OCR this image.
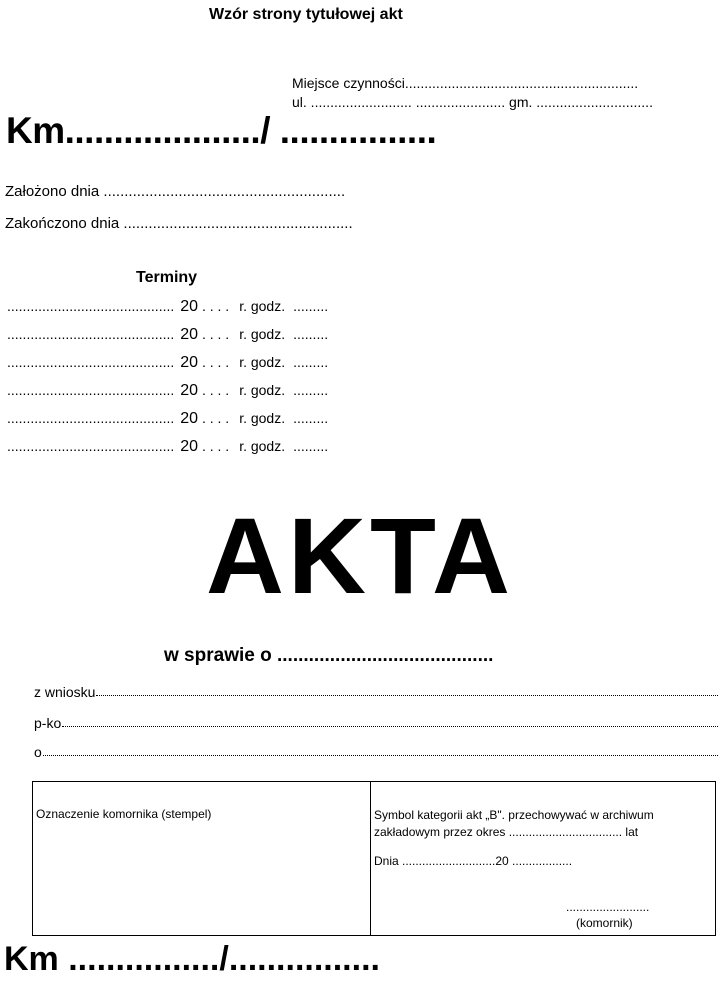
Wzór strony tytułowej akt
Miejsce czynności............................................................
ul. .......................... ....................... gm. ..............................
Km..................../ ................
Założono dnia ..........................................................
Zakończono dnia .......................................................
Terminy
........................................... 20 . . . . r. godz. .........
........................................... 20 . . . . r. godz. .........
........................................... 20 . . . . r. godz. .........
........................................... 20 . . . . r. godz. .........
........................................... 20 . . . . r. godz. .........
........................................... 20 . . . . r. godz. .........
AKTA
w sprawie o .........................................
z wniosku
p-ko
o
Oznaczenie komornika (stempel)	Symbol kategorii akt „B". przechowywać w archiwum zakładowym przez okres .................................. lat
Dnia ............................20 ..................
.........................
(komornik)
Km ................/................
